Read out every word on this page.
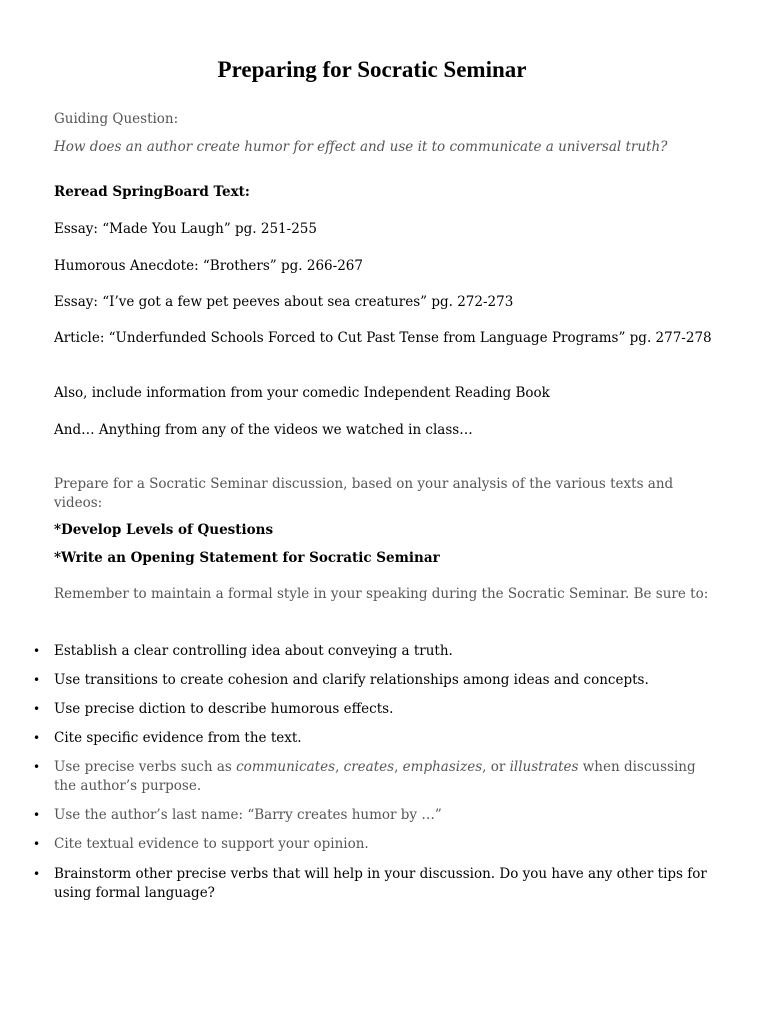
Preparing for Socratic Seminar

Guiding Question:

How does an author create humor for effect and use it to communicate a universal truth?

Reread SpringBoard Text:

Essay: “Made You Laugh” pg. 251-255

Humorous Anecdote: “Brothers” pg. 266-267

Essay: “I’ve got a few pet peeves about sea creatures” pg. 272-273

Article: “Underfunded Schools Forced to Cut Past Tense from Language Programs” pg. 277-278

Also, include information from your comedic Independent Reading Book

And… Anything from any of the videos we watched in class…

Prepare for a Socratic Seminar discussion, based on your analysis of the various texts and videos:

*Develop Levels of Questions

*Write an Opening Statement for Socratic Seminar

Remember to maintain a formal style in your speaking during the Socratic Seminar. Be sure to:

•	Establish a clear controlling idea about conveying a truth.

•	Use transitions to create cohesion and clarify relationships among ideas and concepts.

•	Use precise diction to describe humorous effects.

•	Cite specific evidence from the text.

•	Use precise verbs such as communicates, creates, emphasizes, or illustrates when discussing the author’s purpose.

•	Use the author’s last name: “Barry creates humor by …”

•	Cite textual evidence to support your opinion.

•	Brainstorm other precise verbs that will help in your discussion. Do you have any other tips for using formal language?
